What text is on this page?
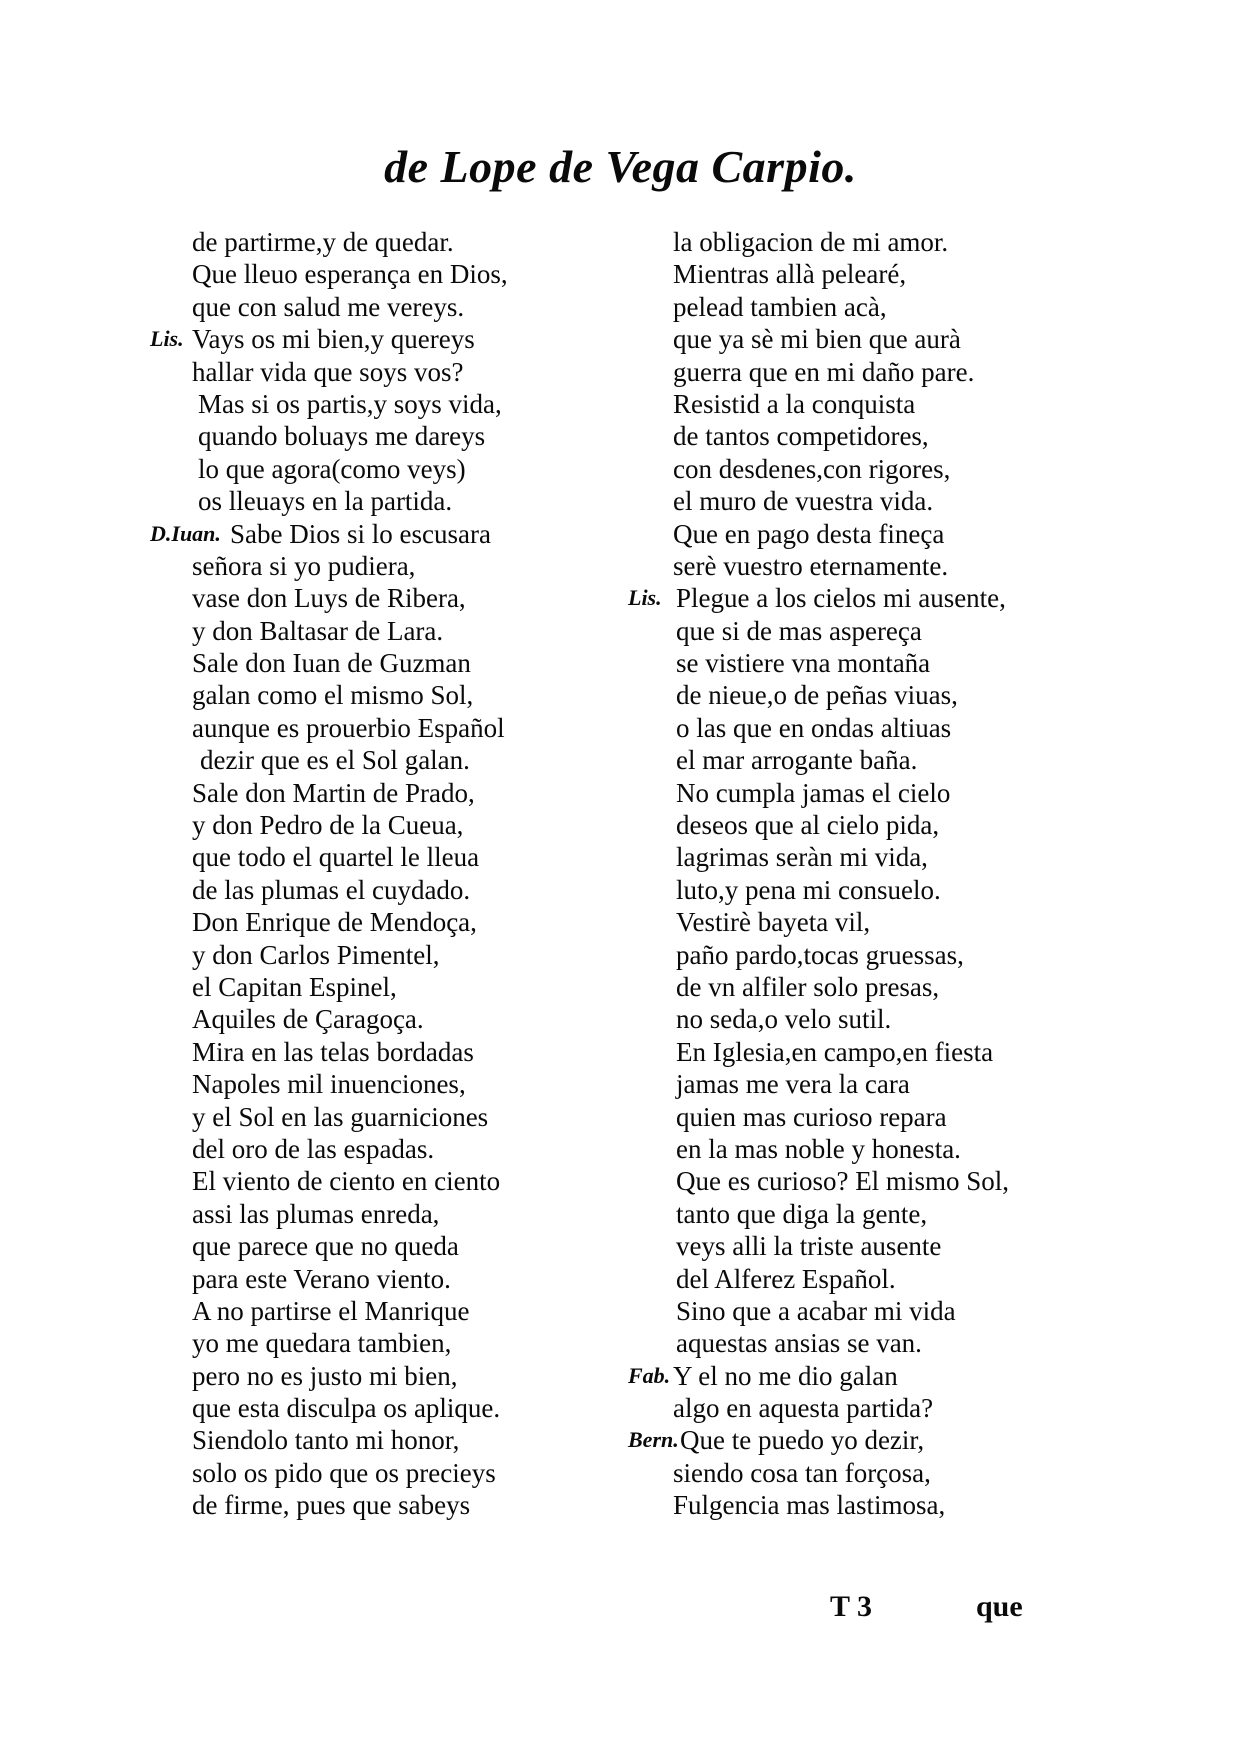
de Lope de Vega Carpio.
de partirme,y de quedar.
Que lleuo esperança en Dios,
que con salud me vereys.
Lis. Vays os mi bien,y quereys
hallar vida que soys vos?
Mas si os partis,y soys vida,
quando boluays me dareys
lo que agora(como veys)
os lleuays en la partida.
D.Iuan. Sabe Dios si lo escusara
señora si yo pudiera,
vase don Luys de Ribera,
y don Baltasar de Lara.
Sale don Iuan de Guzman
galan como el mismo Sol,
aunque es prouerbio Español
dezir que es el Sol galan.
Sale don Martin de Prado,
y don Pedro de la Cueua,
que todo el quartel le lleua
de las plumas el cuydado.
Don Enrique de Mendoça,
y don Carlos Pimentel,
el Capitan Espinel,
Aquiles de Çaragoça.
Mira en las telas bordadas
Napoles mil inuenciones,
y el Sol en las guarniciones
del oro de las espadas.
El viento de ciento en ciento
assi las plumas enreda,
que parece que no queda
para este Verano viento.
A no partirse el Manrique
yo me quedara tambien,
pero no es justo mi bien,
que esta disculpa os aplique.
Siendolo tanto mi honor,
solo os pido que os precieys
de firme, pues que sabeys
la obligacion de mi amor.
Mientras allà pelearé,
pelead tambien acà,
que ya sè mi bien que aurà
guerra que en mi daño pare.
Resistid a la conquista
de tantos competidores,
con desdenes,con rigores,
el muro de vuestra vida.
Que en pago desta fineça
serè vuestro eternamente.
Lis. Plegue a los cielos mi ausente,
que si de mas aspereça
se vistiere vna montaña
de nieue,o de peñas viuas,
o las que en ondas altiuas
el mar arrogante baña.
No cumpla jamas el cielo
deseos que al cielo pida,
lagrimas seràn mi vida,
luto,y pena mi consuelo.
Vestirè bayeta vil,
paño pardo,tocas gruessas,
de vn alfiler solo presas,
no seda,o velo sutil.
En Iglesia,en campo,en fiesta
jamas me vera la cara
quien mas curioso repara
en la mas noble y honesta.
Que es curioso? El mismo Sol,
tanto que diga la gente,
veys alli la triste ausente
del Alferez Español.
Sino que a acabar mi vida
aquestas ansias se van.
Fab. Y el no me dio galan
algo en aquesta partida?
Bern. Que te puedo yo dezir,
siendo cosa tan forçosa,
Fulgencia mas lastimosa,
T 3	que
